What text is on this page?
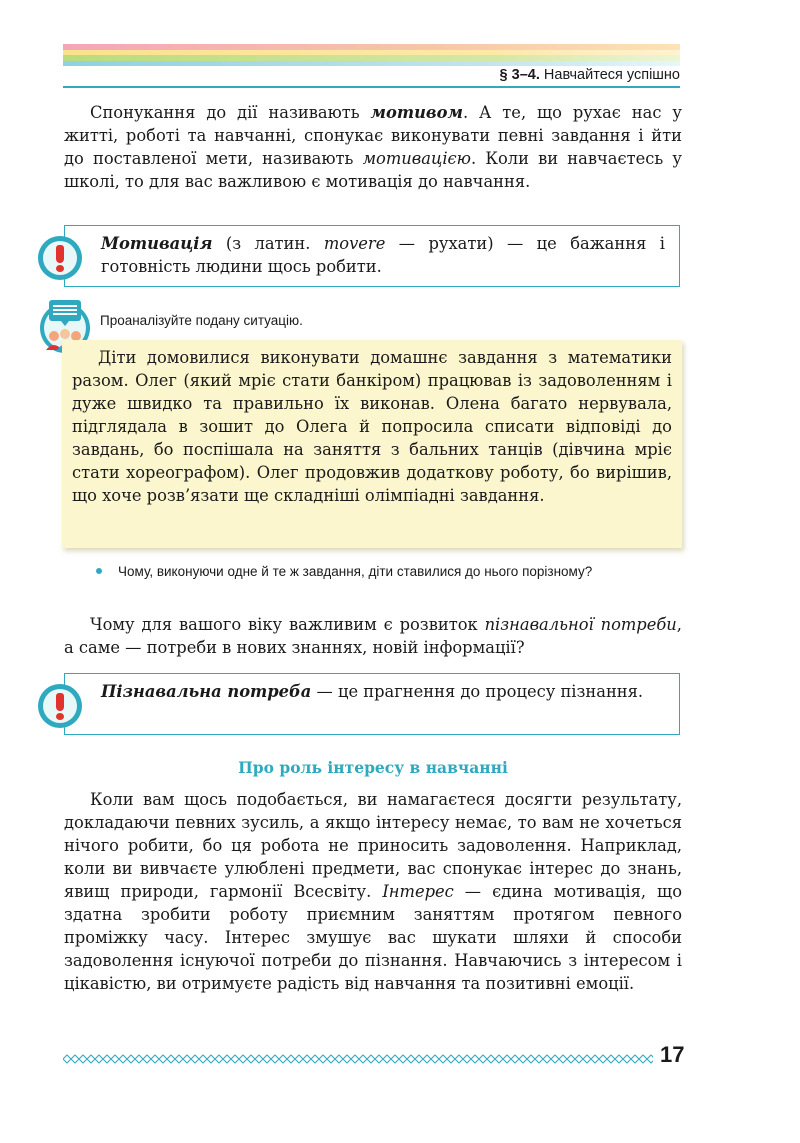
§ 3–4. Навчайтеся успішно

Спонукання до дії називають мотивом. А те, що рухає нас у житті, роботі та навчанні, спонукає виконувати певні завдання і йти до поставленої мети, називають мотивацією. Коли ви навчаєтесь у школі, то для вас важливою є мотивація до навчання.

Мотивація (з латин. movere — рухати) — це бажання і готовність людини щось робити.
Проаналізуйте подану ситуацію.
Діти домовилися виконувати домашнє завдання з математики разом. Олег (який мріє стати банкіром) працював із задоволенням і дуже швидко та правильно їх виконав. Олена багато нервувала, підглядала в зошит до Олега й попросила списати відповіді до завдань, бо поспішала на заняття з бальних танців (дівчина мріє стати хореографом). Олег продовжив додаткову роботу, бо вирішив, що хоче розв’язати ще складніші олімпіадні завдання.
Чому, виконуючи одне й те ж завдання, діти ставилися до нього порізному?

Чому для вашого віку важливим є розвиток пізнавальної потреби, а саме — потреби в нових знаннях, новій інформації?

Пізнавальна потреба — це прагнення до процесу пізнання.
Про роль інтересу в навчанні

Коли вам щось подобається, ви намагаєтеся досягти результату, докладаючи певних зусиль, а якщо інтересу немає, то вам не хочеться нічого робити, бо ця робота не приносить задоволення. Наприклад, коли ви вивчаєте улюблені предмети, вас спонукає інтерес до знань, явищ природи, гармонії Всесвіту. Інтерес — єдина мотивація, що здатна зробити роботу приємним заняттям протягом певного проміжку часу. Інтерес змушує вас шукати шляхи й способи задоволення існуючої потреби до пізнання. Навчаючись з інтересом і цікавістю, ви отримуєте радість від навчання та позитивні емоції.

17
